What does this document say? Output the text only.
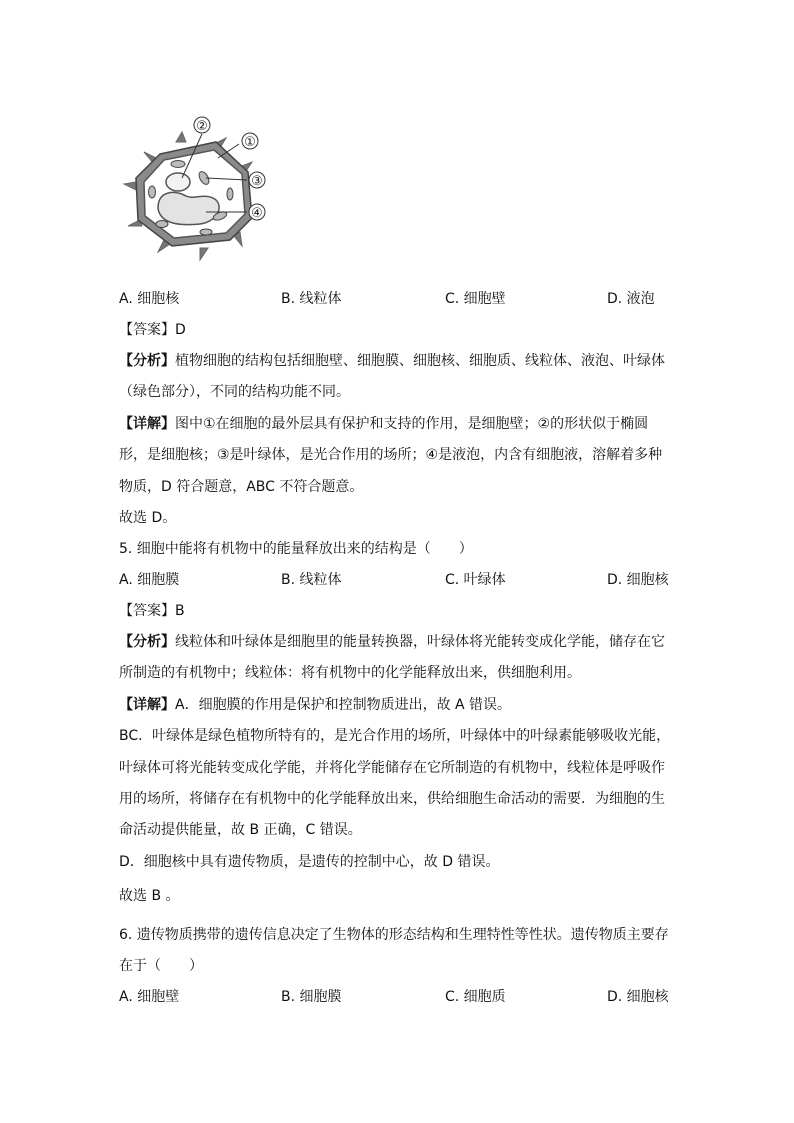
②
①
③
④
A. 细胞核	B. 线粒体	C. 细胞壁	D. 液泡
【答案】D
【分析】植物细胞的结构包括细胞壁、细胞膜、细胞核、细胞质、线粒体、液泡、叶绿体
（绿色部分），不同的结构功能不同。
【详解】图中①在细胞的最外层具有保护和支持的作用，是细胞壁；②的形状似于椭圆
形，是细胞核；③是叶绿体，是光合作用的场所；④是液泡，内含有细胞液，溶解着多种
物质，D 符合题意，ABC 不符合题意。
故选 D。
5. 细胞中能将有机物中的能量释放出来的结构是（　　）
A. 细胞膜	B. 线粒体	C. 叶绿体	D. 细胞核
【答案】B
【分析】线粒体和叶绿体是细胞里的能量转换器，叶绿体将光能转变成化学能，储存在它
所制造的有机物中；线粒体：将有机物中的化学能释放出来，供细胞利用。
【详解】A．细胞膜的作用是保护和控制物质进出，故 A 错误。
BC．叶绿体是绿色植物所特有的，是光合作用的场所，叶绿体中的叶绿素能够吸收光能，
叶绿体可将光能转变成化学能，并将化学能储存在它所制造的有机物中，线粒体是呼吸作
用的场所，将储存在有机物中的化学能释放出来，供给细胞生命活动的需要．为细胞的生
命活动提供能量，故 B 正确，C 错误。
D．细胞核中具有遗传物质，是遗传的控制中心，故 D 错误。
故选 B 。
6. 遗传物质携带的遗传信息决定了生物体的形态结构和生理特性等性状。遗传物质主要存
在于（　　）
A. 细胞壁	B. 细胞膜	C. 细胞质	D. 细胞核
